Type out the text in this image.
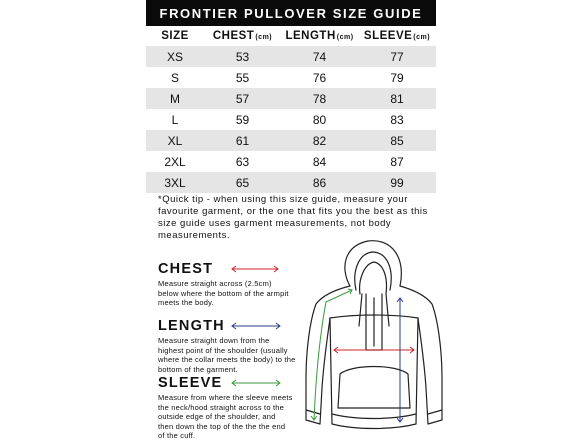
FRONTIER PULLOVER SIZE GUIDE
SIZE	CHEST(cm)	LENGTH(cm) SLEEVE(cm)
XS	53	74	77
S	55	76	79
M	57	78	81
L	59	80	83
XL	61	82	85
2XL	63	84	87
3XL	65	86	99
*Quick tip - when using this size guide, measure your favourite garment, or the one that fits you the best as this size guide uses garment measurements, not body measurements.
CHEST
Measure straight across (2.5cm) below where the bottom of the armpit meets the body.
LENGTH
Measure straight down from the highest point of the shoulder (usually where the collar meets the body) to the bottom of the garment.
SLEEVE
Measure from where the sleeve meets the neck/hood straight across to the outside edge of the shoulder, and then down the top of the the the end of the cuff.
